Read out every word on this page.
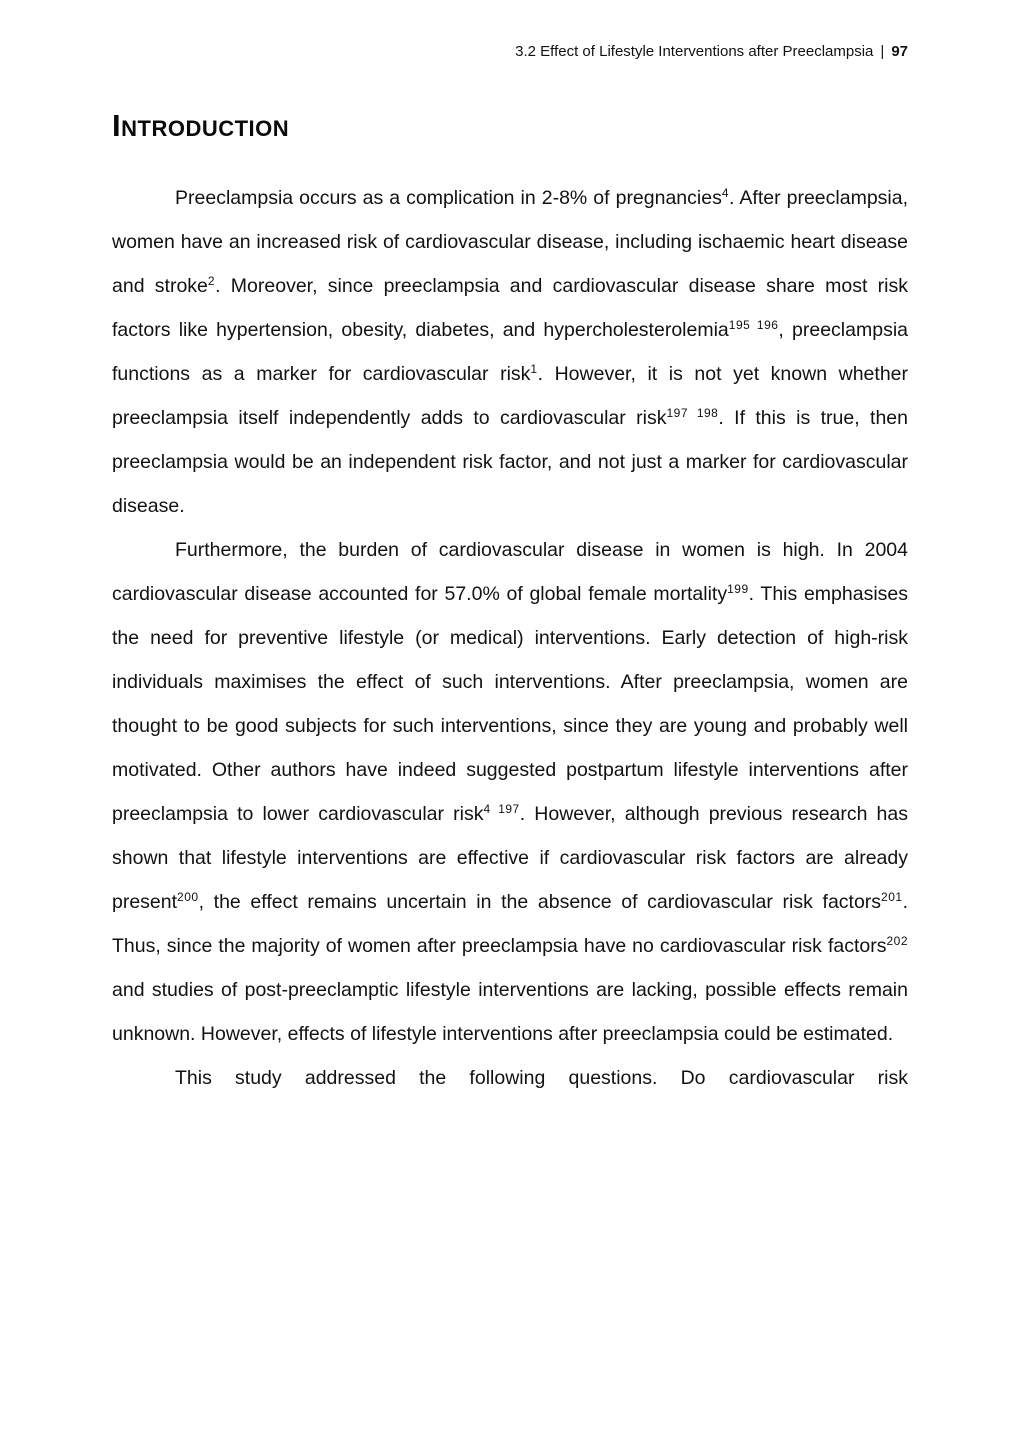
3.2 Effect of Lifestyle Interventions after Preeclampsia | 97
Introduction

Preeclampsia occurs as a complication in 2-8% of pregnancies$^4$. After preeclampsia, women have an increased risk of cardiovascular disease, including ischaemic heart disease and stroke$^2$. Moreover, since preeclampsia and cardiovascular disease share most risk factors like hypertension, obesity, diabetes, and hypercholesterolemia$^{195 196}$, preeclampsia functions as a marker for cardiovascular risk$^1$. However, it is not yet known whether preeclampsia itself independently adds to cardiovascular risk$^{197 198}$. If this is true, then preeclampsia would be an independent risk factor, and not just a marker for cardiovascular disease.

Furthermore, the burden of cardiovascular disease in women is high. In 2004 cardiovascular disease accounted for 57.0% of global female mortality$^{199}$. This emphasises the need for preventive lifestyle (or medical) interventions. Early detection of high-risk individuals maximises the effect of such interventions. After preeclampsia, women are thought to be good subjects for such interventions, since they are young and probably well motivated. Other authors have indeed suggested postpartum lifestyle interventions after preeclampsia to lower cardiovascular risk$^{4 197}$. However, although previous research has shown that lifestyle interventions are effective if cardiovascular risk factors are already present$^{200}$, the effect remains uncertain in the absence of cardiovascular risk factors$^{201}$. Thus, since the majority of women after preeclampsia have no cardiovascular risk factors$^{202}$ and studies of post-preeclamptic lifestyle interventions are lacking, possible effects remain unknown. However, effects of lifestyle interventions after preeclampsia could be estimated.

This study addressed the following questions. Do cardiovascular risk
